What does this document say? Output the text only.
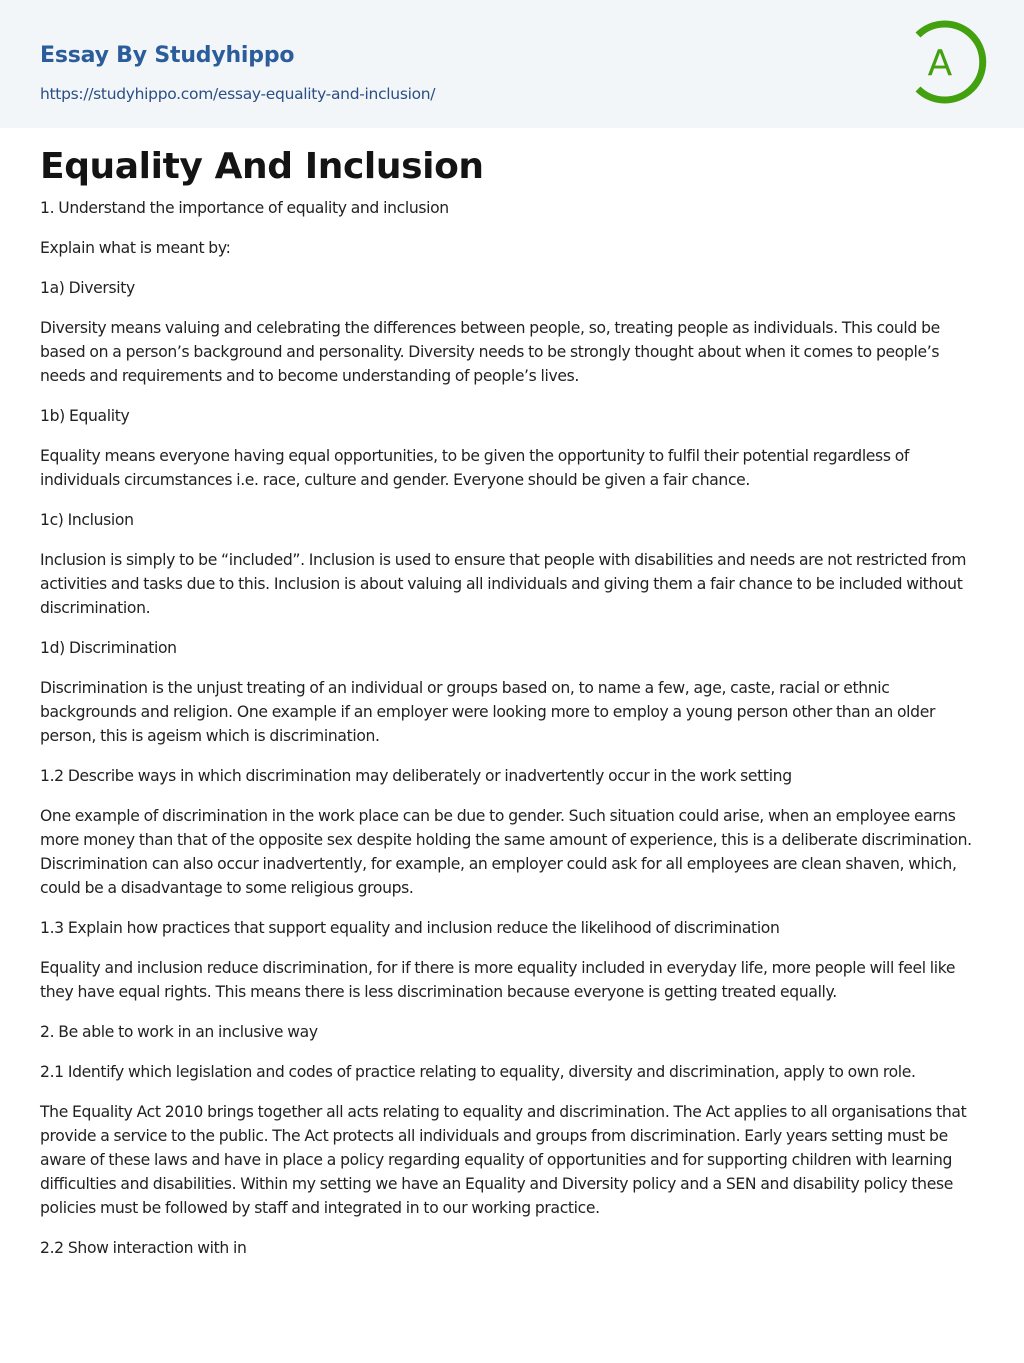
Essay By Studyhippo
https://studyhippo.com/essay-equality-and-inclusion/
A
Equality And Inclusion

1. Understand the importance of equality and inclusion

Explain what is meant by:

1a) Diversity

Diversity means valuing and celebrating the differences between people, so, treating people as individuals. This could be based on a person’s background and personality. Diversity needs to be strongly thought about when it comes to people’s needs and requirements and to become understanding of people’s lives.

1b) Equality

Equality means everyone having equal opportunities, to be given the opportunity to fulfil their potential regardless of individuals circumstances i.e. race, culture and gender. Everyone should be given a fair chance.

1c) Inclusion

Inclusion is simply to be “included”. Inclusion is used to ensure that people with disabilities and needs are not restricted from activities and tasks due to this. Inclusion is about valuing all individuals and giving them a fair chance to be included without discrimination.

1d) Discrimination

Discrimination is the unjust treating of an individual or groups based on, to name a few, age, caste, racial or ethnic backgrounds and religion. One example if an employer were looking more to employ a young person other than an older person, this is ageism which is discrimination.

1.2 Describe ways in which discrimination may deliberately or inadvertently occur in the work setting

One example of discrimination in the work place can be due to gender. Such situation could arise, when an employee earns more money than that of the opposite sex despite holding the same amount of experience, this is a deliberate discrimination. Discrimination can also occur inadvertently, for example, an employer could ask for all employees are clean shaven, which, could be a disadvantage to some religious groups.

1.3 Explain how practices that support equality and inclusion reduce the likelihood of discrimination

Equality and inclusion reduce discrimination, for if there is more equality included in everyday life, more people will feel like they have equal rights. This means there is less discrimination because everyone is getting treated equally.

2. Be able to work in an inclusive way

2.1 Identify which legislation and codes of practice relating to equality, diversity and discrimination, apply to own role.

The Equality Act 2010 brings together all acts relating to equality and discrimination. The Act applies to all organisations that provide a service to the public. The Act protects all individuals and groups from discrimination. Early years setting must be aware of these laws and have in place a policy regarding equality of opportunities and for supporting children with learning difficulties and disabilities. Within my setting we have an Equality and Diversity policy and a SEN and disability policy these policies must be followed by staff and integrated in to our working practice.

2.2 Show interaction with in
